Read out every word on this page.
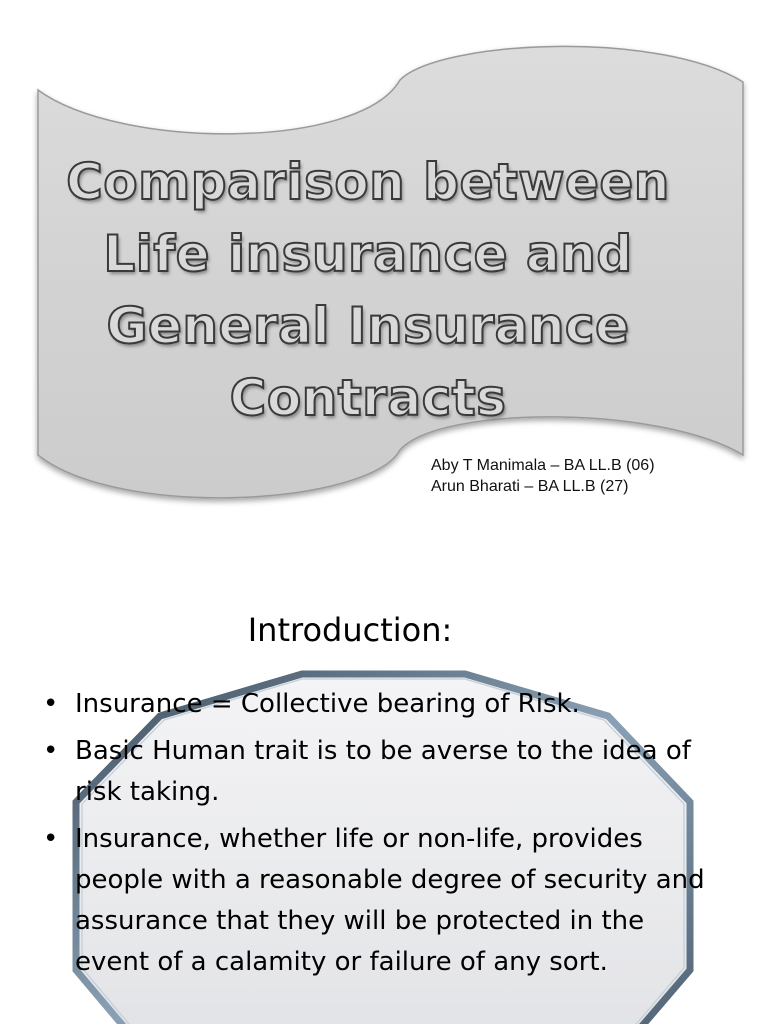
Comparison between
Life insurance and
General Insurance
Contracts
Aby T Manimala – BA LL.B (06)
Arun Bharati – BA LL.B (27)
Introduction:
• Insurance = Collective bearing of Risk.
• Basic Human trait is to be averse to the idea of risk taking.
• Insurance, whether life or non-life, provides people with a reasonable degree of security and assurance that they will be protected in the event of a calamity or failure of any sort.
